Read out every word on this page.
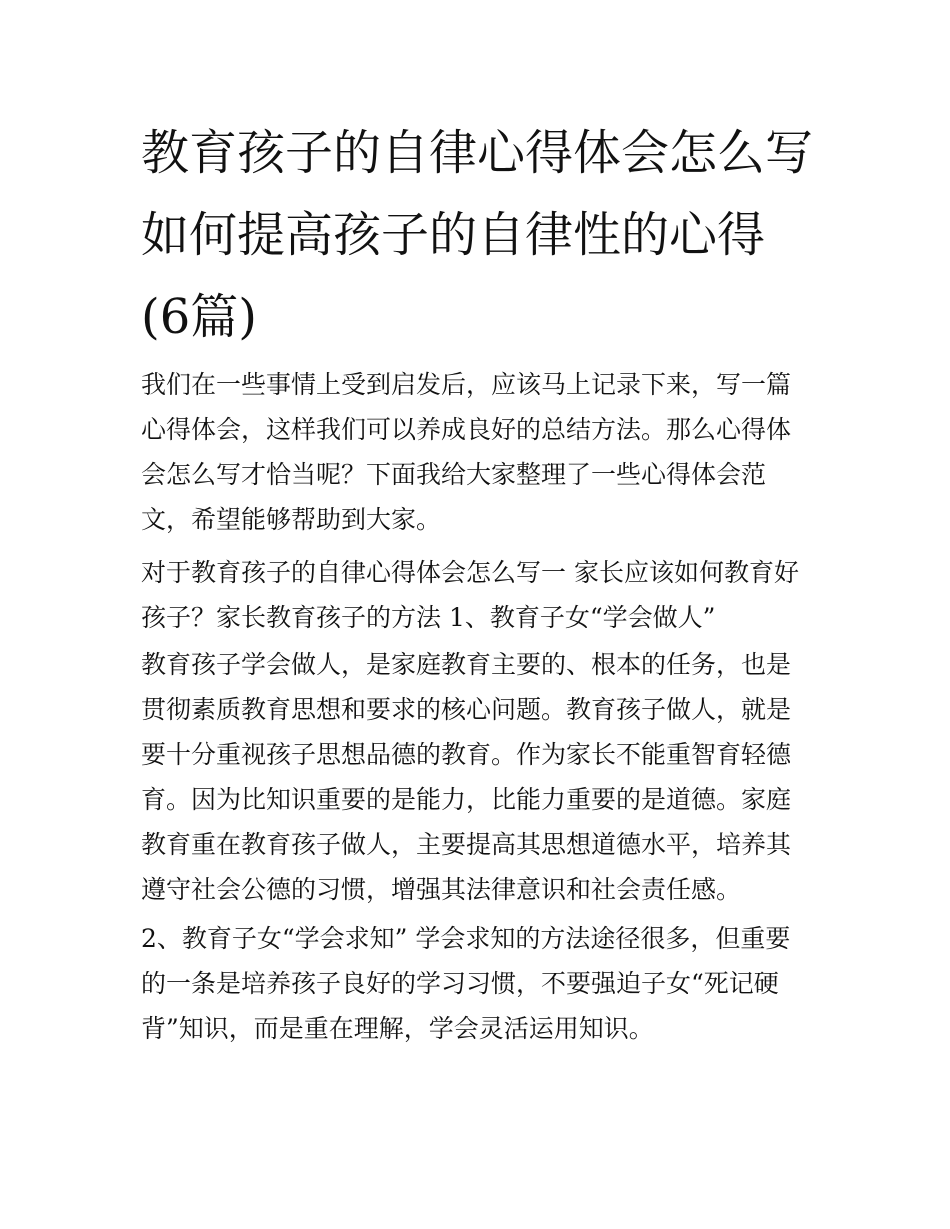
教育孩子的自律心得体会怎么写 如何提高孩子的自律性的心得(6篇)

我们在一些事情上受到启发后，应该马上记录下来，写一篇心得体会，这样我们可以养成良好的总结方法。那么心得体会怎么写才恰当呢？下面我给大家整理了一些心得体会范文，希望能够帮助到大家。

对于教育孩子的自律心得体会怎么写一 家长应该如何教育好孩子？家长教育孩子的方法 1、教育子女“学会做人”

教育孩子学会做人，是家庭教育主要的、根本的任务，也是贯彻素质教育思想和要求的核心问题。教育孩子做人，就是要十分重视孩子思想品德的教育。作为家长不能重智育轻德育。因为比知识重要的是能力，比能力重要的是道德。家庭教育重在教育孩子做人，主要提高其思想道德水平，培养其遵守社会公德的习惯，增强其法律意识和社会责任感。

2、教育子女“学会求知” 学会求知的方法途径很多，但重要的一条是培养孩子良好的学习习惯，不要强迫子女“死记硬背”知识，而是重在理解，学会灵活运用知识。
